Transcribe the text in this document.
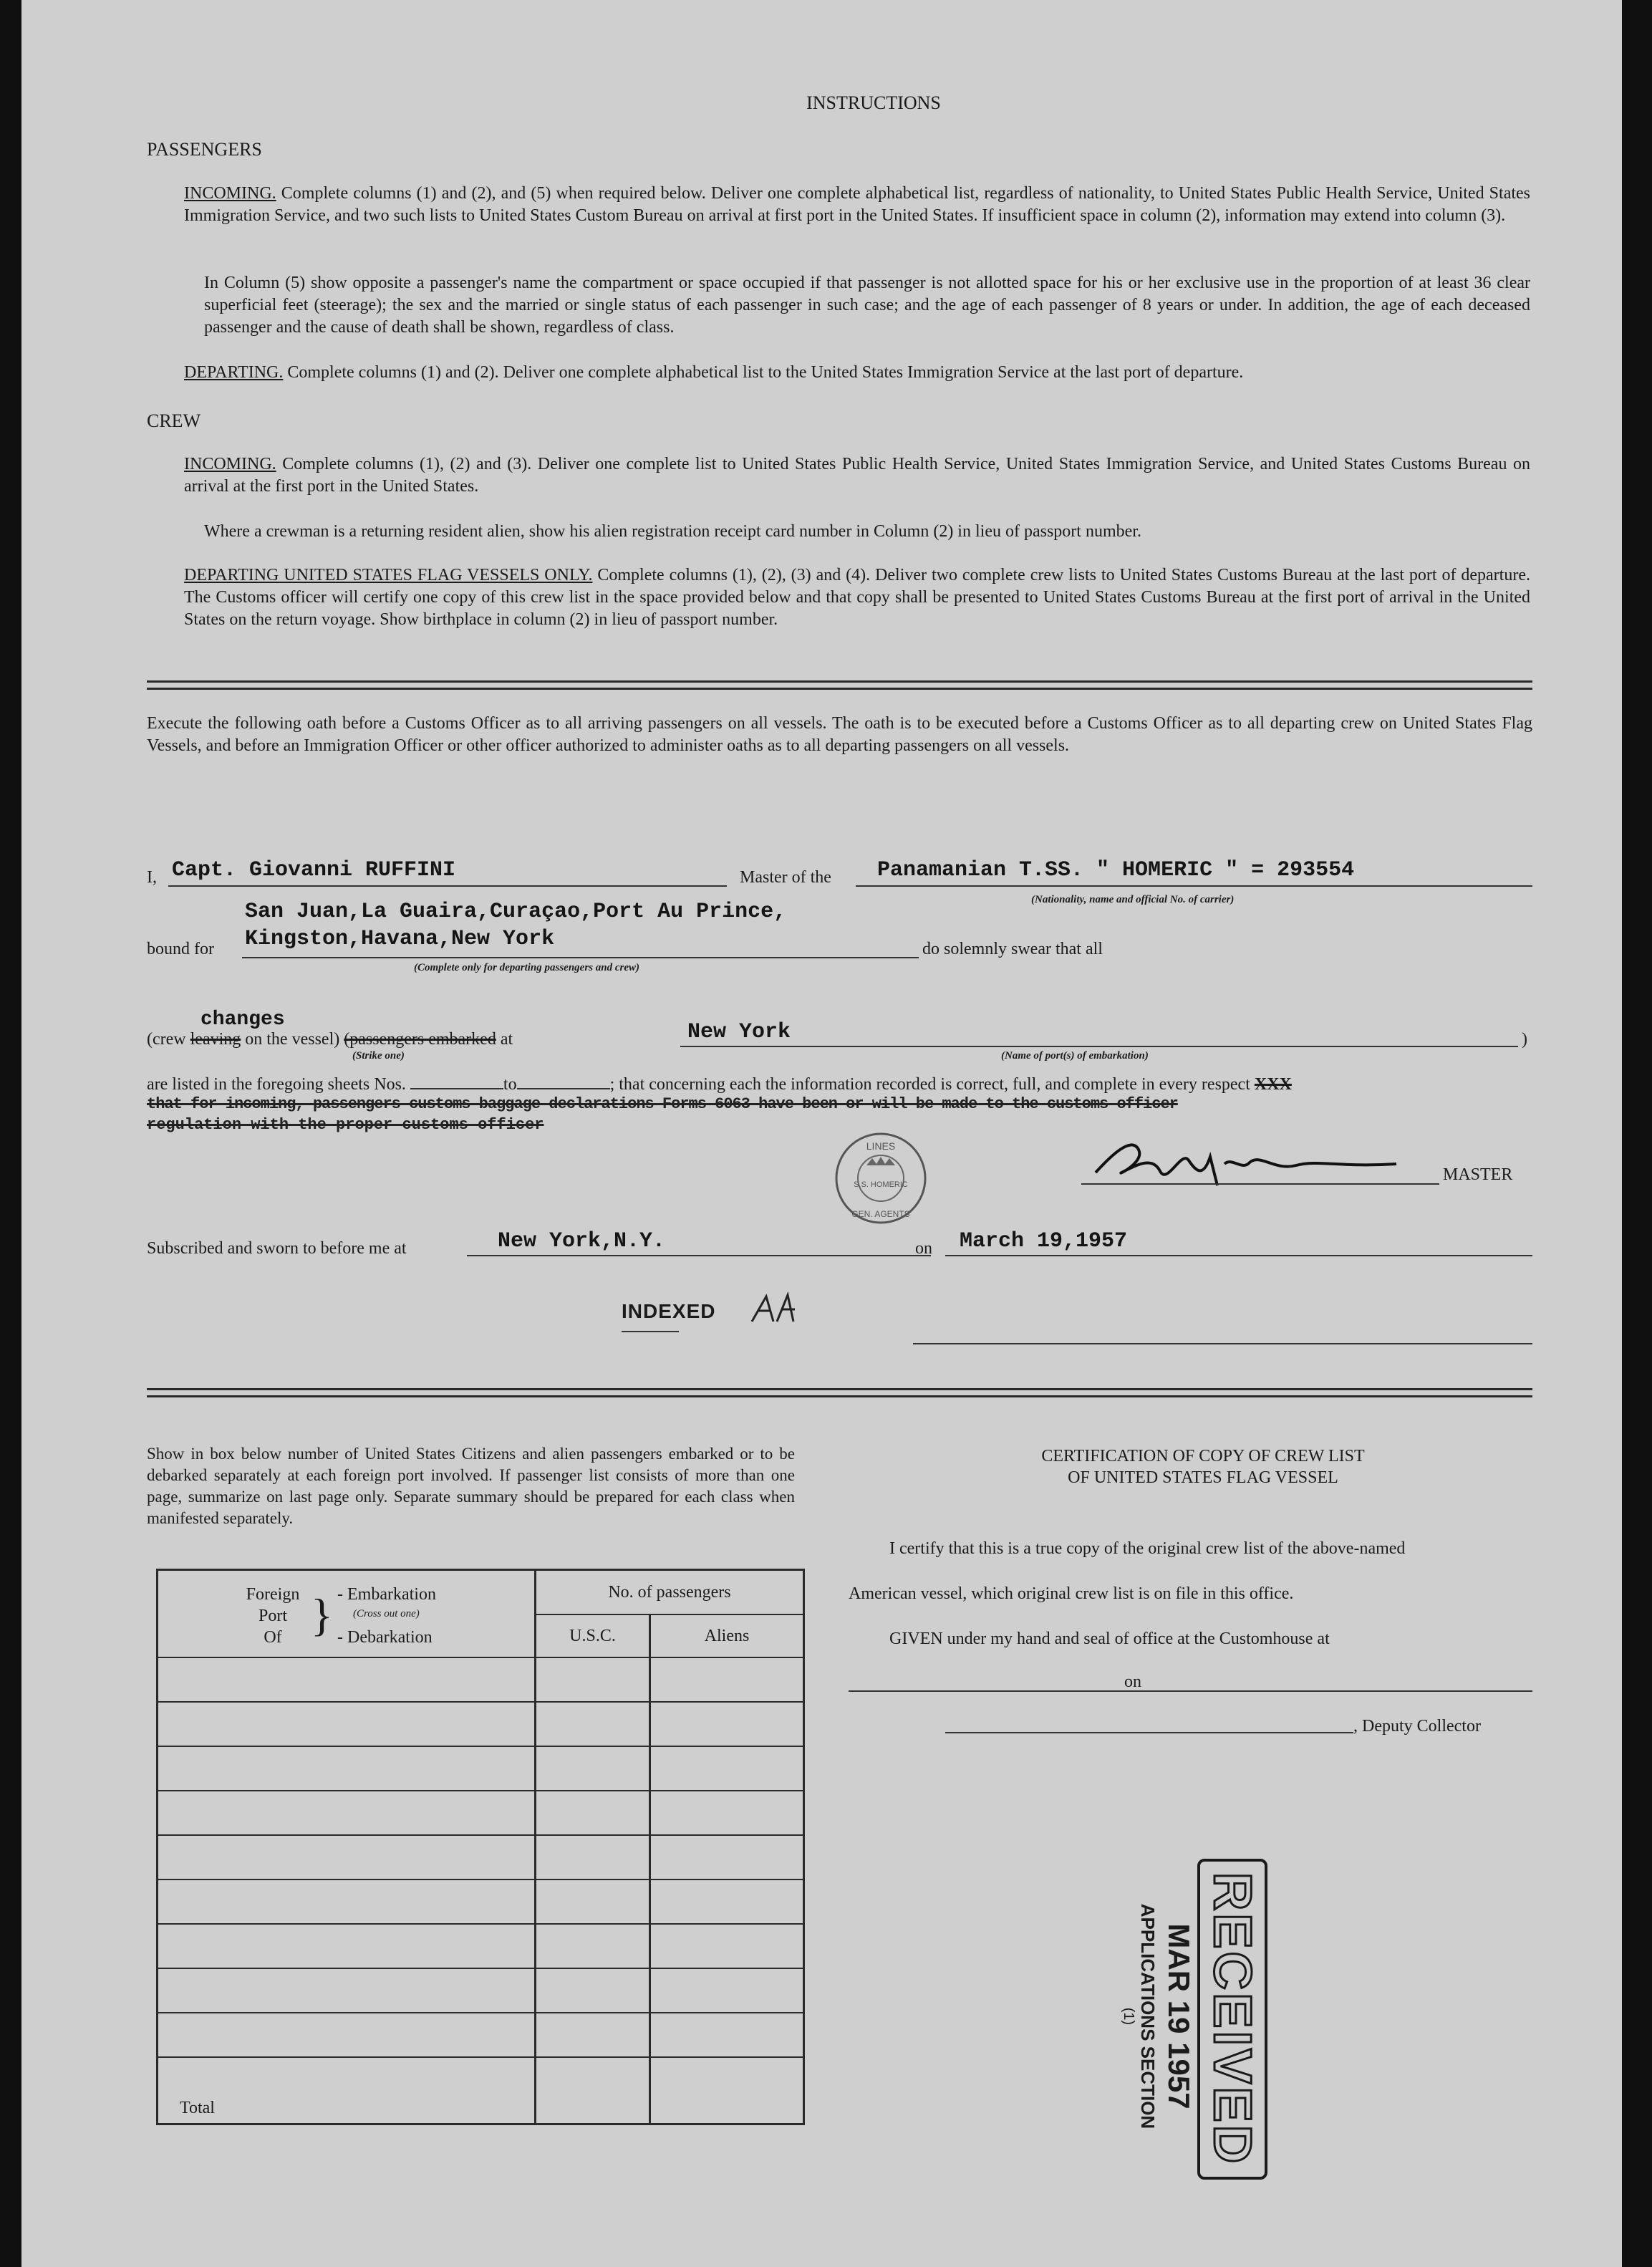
INSTRUCTIONS
PASSENGERS
INCOMING. Complete columns (1) and (2), and (5) when required below. Deliver one complete alphabetical list, regardless of nationality, to United States Public Health Service, United States Immigration Service, and two such lists to United States Custom Bureau on arrival at first port in the United States. If insufficient space in column (2), information may extend into column (3).
In Column (5) show opposite a passenger's name the compartment or space occupied if that passenger is not allotted space for his or her exclusive use in the proportion of at least 36 clear superficial feet (steerage); the sex and the married or single status of each passenger in such case; and the age of each passenger of 8 years or under. In addition, the age of each deceased passenger and the cause of death shall be shown, regardless of class.
DEPARTING. Complete columns (1) and (2). Deliver one complete alphabetical list to the United States Immigration Service at the last port of departure.
CREW
INCOMING. Complete columns (1), (2) and (3). Deliver one complete list to United States Public Health Service, United States Immigration Service, and United States Customs Bureau on arrival at the first port in the United States.
Where a crewman is a returning resident alien, show his alien registration receipt card number in Column (2) in lieu of passport number.
DEPARTING UNITED STATES FLAG VESSELS ONLY. Complete columns (1), (2), (3) and (4). Deliver two complete crew lists to United States Customs Bureau at the last port of departure. The Customs officer will certify one copy of this crew list in the space provided below and that copy shall be presented to United States Customs Bureau at the first port of arrival in the United States on the return voyage. Show birthplace in column (2) in lieu of passport number.
Execute the following oath before a Customs Officer as to all arriving passengers on all vessels. The oath is to be executed before a Customs Officer as to all departing crew on United States Flag Vessels, and before an Immigration Officer or other officer authorized to administer oaths as to all departing passengers on all vessels.
I, Capt. Giovanni RUFFINI	Master of the Panamanian T.SS. " HOMERIC " = 293554
(Nationality, name and official No. of carrier)
San Juan,La Guaira,Curaçao,Port Au Prince,
bound for Kingston,Havana,New York
(Complete only for departing passengers and crew)
do solemnly swear that all
changes
(crew leaving on the vessel) (passengers embarked at	New York	)
(Strike one)	(Name of port(s) of embarkation)
are listed in the foregoing sheets Nos.	to	; that concerning each the information recorded is correct, full, and complete in every respect XXX
that for incoming, passengers customs baggage declarations Forms 6063 have been or will be made to the customs officer
regulation with the proper customs officer
LINES
GEN. AGENTS
S.S. HOMERIC
MASTER
Subscribed and sworn to before me at	New York,N.Y.	on March 19,1957
INDEXED
Show in box below number of United States Citizens and alien passengers embarked or to be debarked separately at each foreign port involved. If passenger list consists of more than one page, summarize on last page only. Separate summary should be prepared for each class when manifested separately.
Foreign
Port
Of } - Embarkation
(Cross out one)
- Debarkation
No. of passengers
U.S.C.	Aliens
Total
CERTIFICATION OF COPY OF CREW LIST
OF UNITED STATES FLAG VESSEL
I certify that this is a true copy of the original crew list of the above-named
American vessel, which original crew list is on file in this office.
GIVEN under my hand and seal of office at the Customhouse at
on
, Deputy Collector
RECEIVED
MAR 19 1957
APPLICATIONS SECTION
(1)
